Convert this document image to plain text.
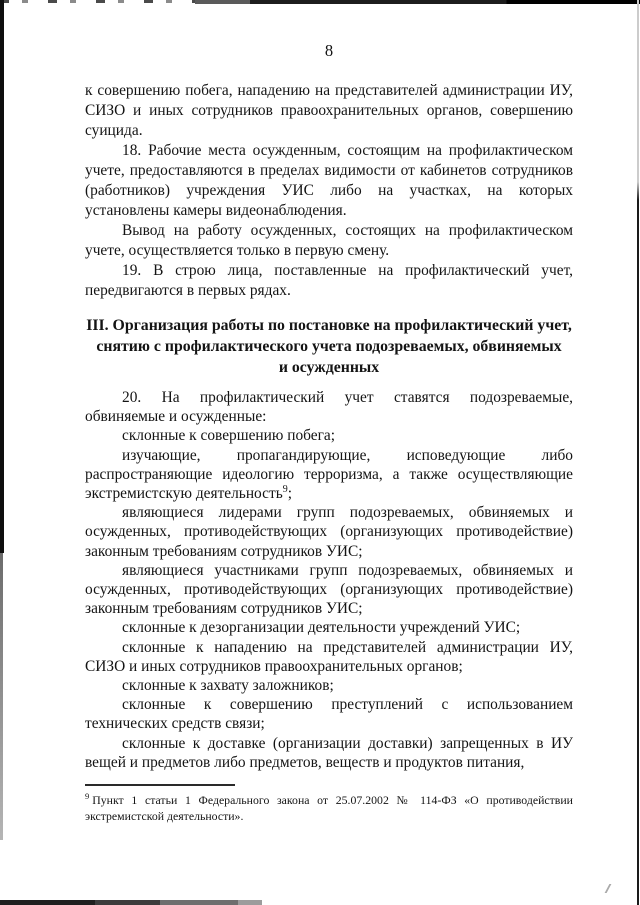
8

к совершению побега, нападению на представителей администрации ИУ, СИЗО и иных сотрудников правоохранительных органов, совершению суицида.

18. Рабочие места осужденным, состоящим на профилактическом учете, предоставляются в пределах видимости от кабинетов сотрудников (работников) учреждения УИС либо на участках, на которых установлены камеры видеонаблюдения.

Вывод на работу осужденных, состоящих на профилактическом учете, осуществляется только в первую смену.

19. В строю лица, поставленные на профилактический учет, передвигаются в первых рядах.

III. Организация работы по постановке на профилактический учет,
снятию с профилактического учета подозреваемых, обвиняемых
и осужденных

20. На профилактический учет ставятся подозреваемые, обвиняемые и осужденные:

склонные к совершению побега;

изучающие, пропагандирующие, исповедующие либо распространяющие идеологию терроризма, а также осуществляющие экстремистскую деятельность$^9$;

являющиеся лидерами групп подозреваемых, обвиняемых и осужденных, противодействующих (организующих противодействие) законным требованиям сотрудников УИС;

являющиеся участниками групп подозреваемых, обвиняемых и осужденных, противодействующих (организующих противодействие) законным требованиям сотрудников УИС;

склонные к дезорганизации деятельности учреждений УИС;

склонные к нападению на представителей администрации ИУ, СИЗО и иных сотрудников правоохранительных органов;

склонные к захвату заложников;

склонные к совершению преступлений с использованием технических средств связи;

склонные к доставке (организации доставки) запрещенных в ИУ вещей и предметов либо предметов, веществ и продуктов питания,

$^9$ Пункт 1 статьи 1 Федерального закона от 25.07.2002 № 114-ФЗ «О противодействии экстремистской деятельности».
